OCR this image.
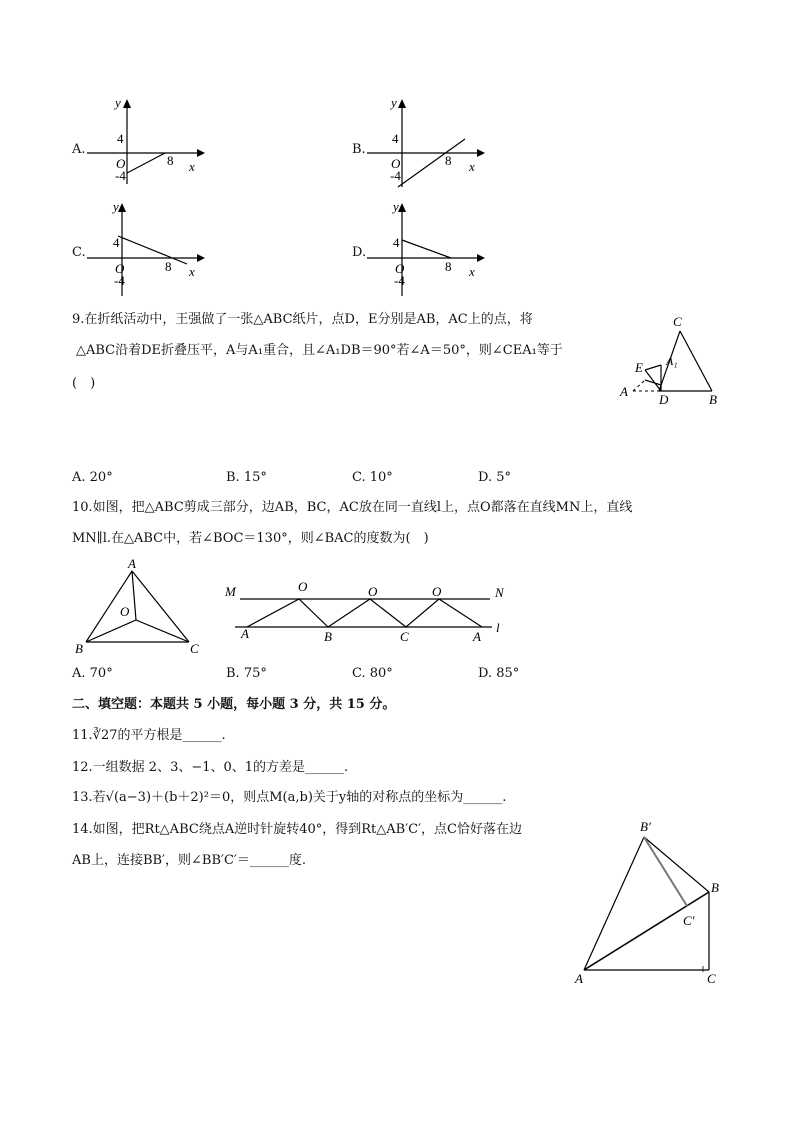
A.
y
x
4
O
-4
8
B.
y
x
4
O
-4
8
C.
y
x
4
O
-4
8
D.
y
x
4
O
-4
8
9.在折纸活动中，王强做了一张△ABC纸片，点D，E分别是AB，AC上的点，将
△ABC沿着DE折叠压平，A与A₁重合，且∠A₁DB＝90°若∠A＝50°，则∠CEA₁等于
(　)
C
A₁
E
A
D	B
A. 20°	B. 15°	C. 10°	D. 5°
10.如图，把△ABC剪成三部分，边AB，BC，AC放在同一直线l上，点O都落在直线MN上，直线
MN∥l.在△ABC中，若∠BOC＝130°，则∠BAC的度数为(　)
A
O
B	C
M	O	O	O	N
A	B	C	A
l
A. 70°	B. 75°	C. 80°	D. 85°
二、填空题：本题共 5 小题，每小题 3 分，共 15 分。
11.∛27的平方根是______.
12.一组数据 2、3、−1、0、1的方差是______.
13.若√(a−3)＋(b＋2)²＝0，则点M(a,b)关于y轴的对称点的坐标为______.
14.如图，把Rt△ABC绕点A逆时针旋转40°，得到Rt△AB′C′，点C恰好落在边
AB上，连接BB′，则∠BB′C′＝______度.
B′
B
C′
A	C
